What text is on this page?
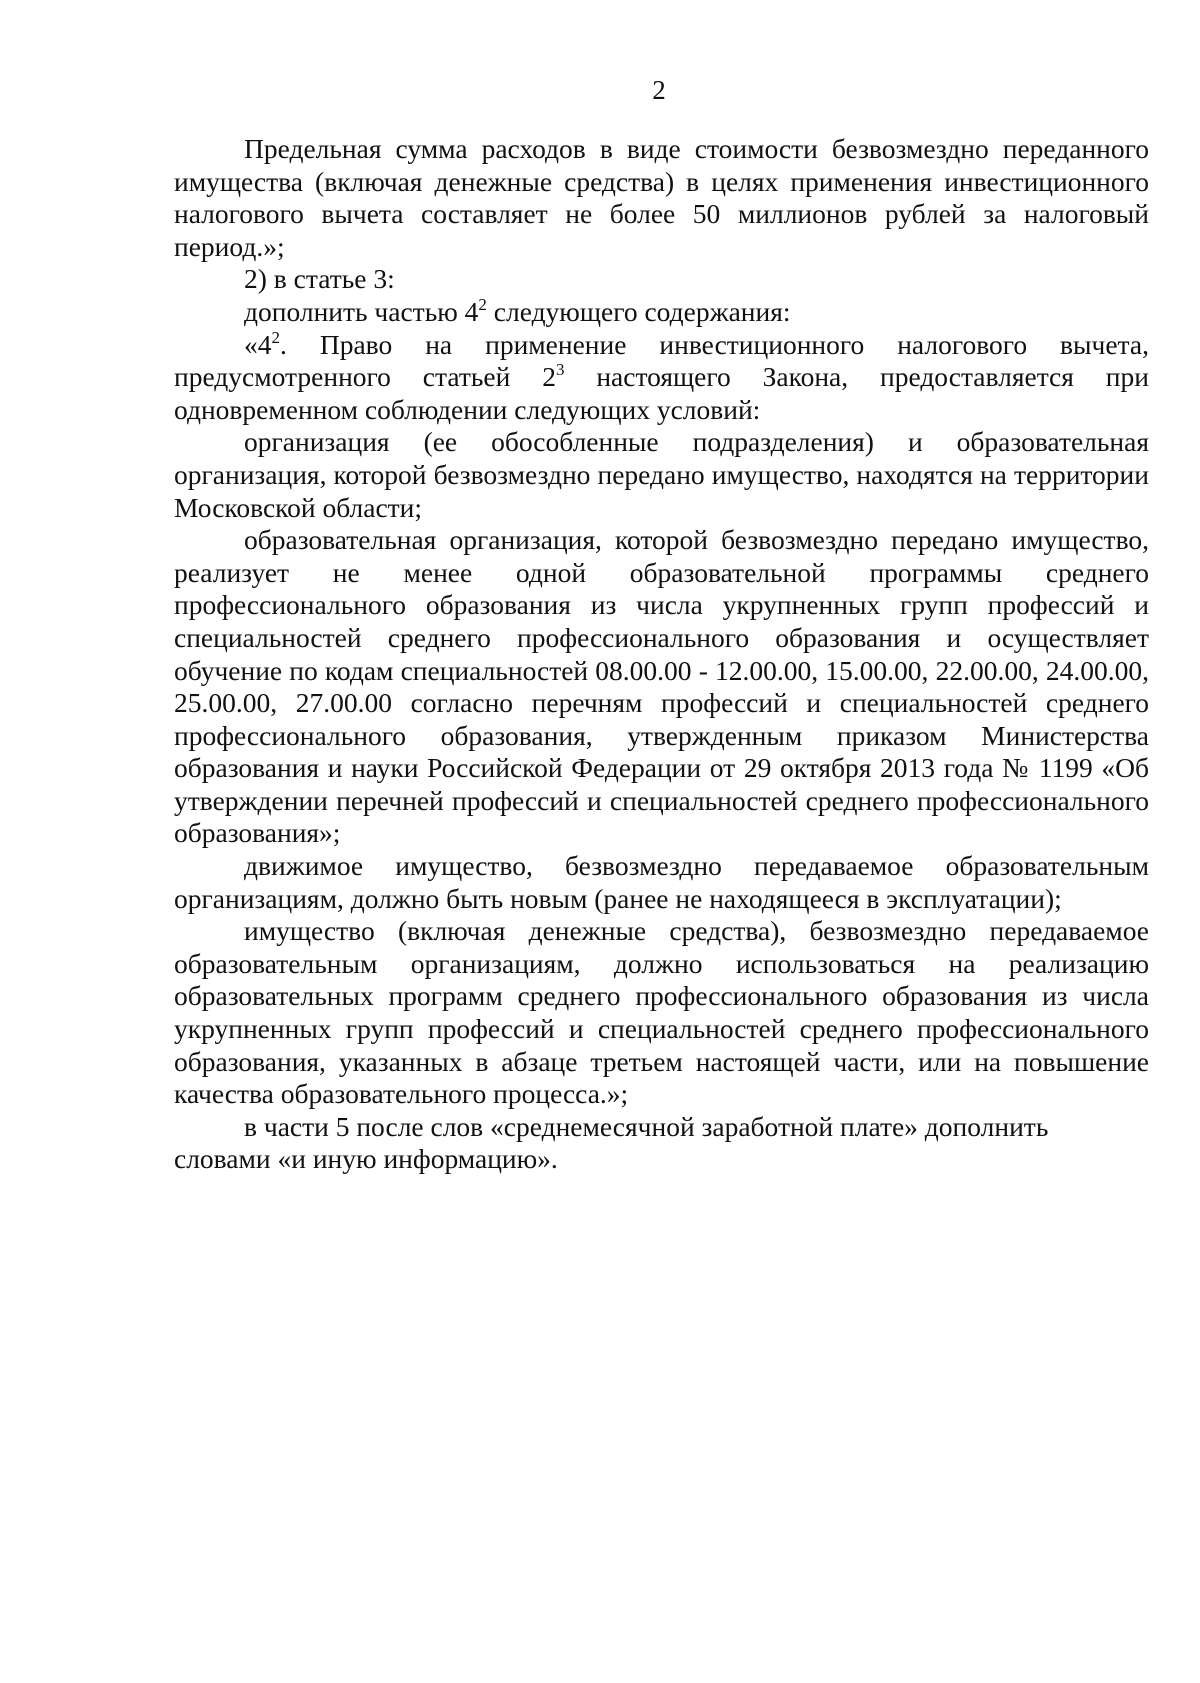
2

Предельная сумма расходов в виде стоимости безвозмездно переданного имущества (включая денежные средства) в целях применения инвестиционного налогового вычета составляет не более 50 миллионов рублей за налоговый период.»;

2) в статье 3:

дополнить частью $4^2$ следующего содержания:

«$4^2$. Право на применение инвестиционного налогового вычета, предусмотренного статьей $2^3$ настоящего Закона, предоставляется при одновременном соблюдении следующих условий:

организация (ее обособленные подразделения) и образовательная организация, которой безвозмездно передано имущество, находятся на территории Московской области;

образовательная организация, которой безвозмездно передано имущество, реализует не менее одной образовательной программы среднего профессионального образования из числа укрупненных групп профессий и специальностей среднего профессионального образования и осуществляет обучение по кодам специальностей 08.00.00 - 12.00.00, 15.00.00, 22.00.00, 24.00.00, 25.00.00, 27.00.00 согласно перечням профессий и специальностей среднего профессионального образования, утвержденным приказом Министерства образования и науки Российской Федерации от 29 октября 2013 года № 1199 «Об утверждении перечней профессий и специальностей среднего профессионального образования»;

движимое имущество, безвозмездно передаваемое образовательным организациям, должно быть новым (ранее не находящееся в эксплуатации);

имущество (включая денежные средства), безвозмездно передаваемое образовательным организациям, должно использоваться на реализацию образовательных программ среднего профессионального образования из числа укрупненных групп профессий и специальностей среднего профессионального образования, указанных в абзаце третьем настоящей части, или на повышение качества образовательного процесса.»;

в части 5 после слов «среднемесячной заработной плате» дополнить словами «и иную информацию».
